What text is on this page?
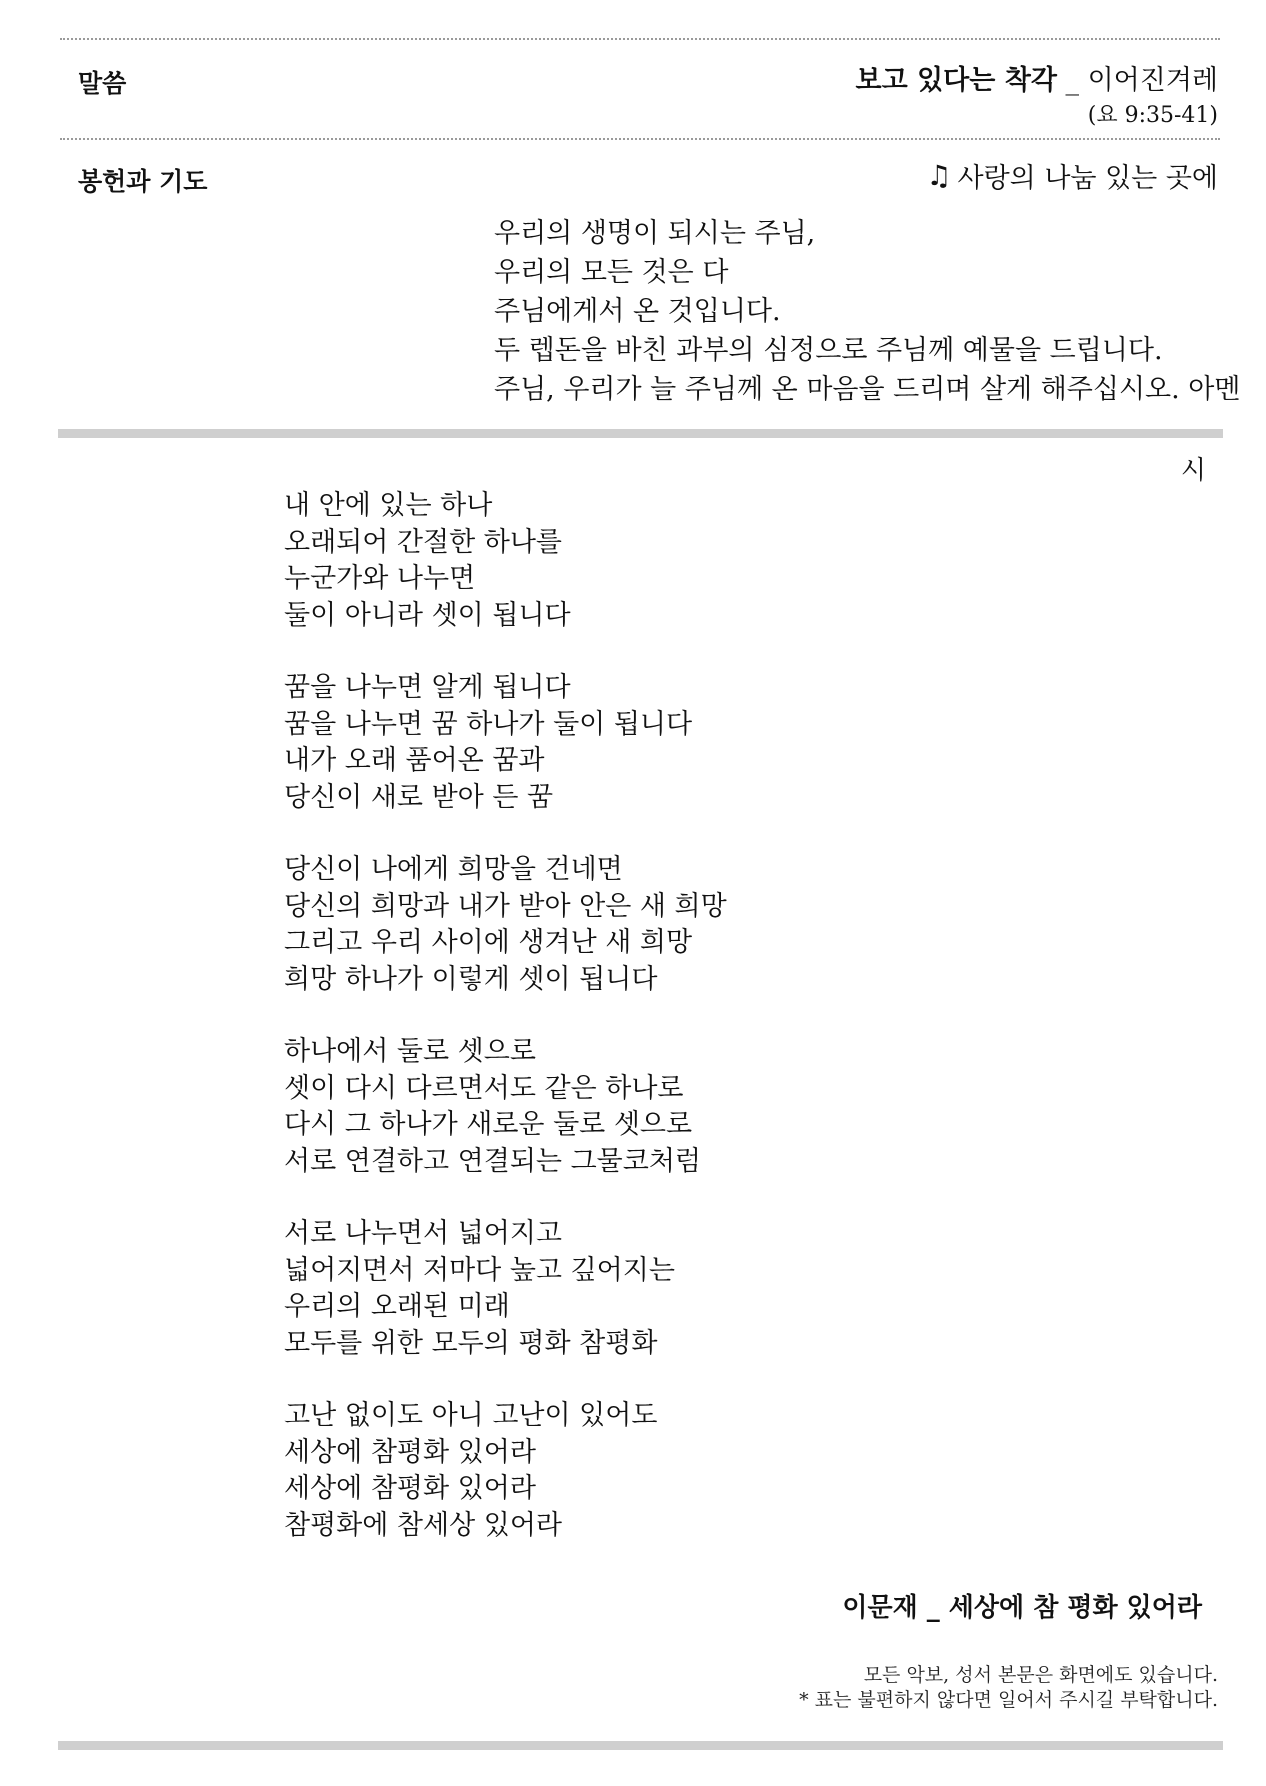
말씀	보고 있다는 착각 _ 이어진겨레
(요 9:35-41)
봉헌과 기도	♫ 사랑의 나눔 있는 곳에
우리의 생명이 되시는 주님,
우리의 모든 것은 다
주님에게서 온 것입니다.
두 렙돈을 바친 과부의 심정으로 주님께 예물을 드립니다.
주님, 우리가 늘 주님께 온 마음을 드리며 살게 해주십시오. 아멘
시
내 안에 있는 하나
오래되어 간절한 하나를
누군가와 나누면
둘이 아니라 셋이 됩니다
꿈을 나누면 알게 됩니다
꿈을 나누면 꿈 하나가 둘이 됩니다
내가 오래 품어온 꿈과
당신이 새로 받아 든 꿈
당신이 나에게 희망을 건네면
당신의 희망과 내가 받아 안은 새 희망
그리고 우리 사이에 생겨난 새 희망
희망 하나가 이렇게 셋이 됩니다
하나에서 둘로 셋으로
셋이 다시 다르면서도 같은 하나로
다시 그 하나가 새로운 둘로 셋으로
서로 연결하고 연결되는 그물코처럼
서로 나누면서 넓어지고
넓어지면서 저마다 높고 깊어지는
우리의 오래된 미래
모두를 위한 모두의 평화 참평화
고난 없이도 아니 고난이 있어도
세상에 참평화 있어라
세상에 참평화 있어라
참평화에 참세상 있어라
이문재 _ 세상에 참 평화 있어라
모든 악보, 성서 본문은 화면에도 있습니다.
* 표는 불편하지 않다면 일어서 주시길 부탁합니다.
